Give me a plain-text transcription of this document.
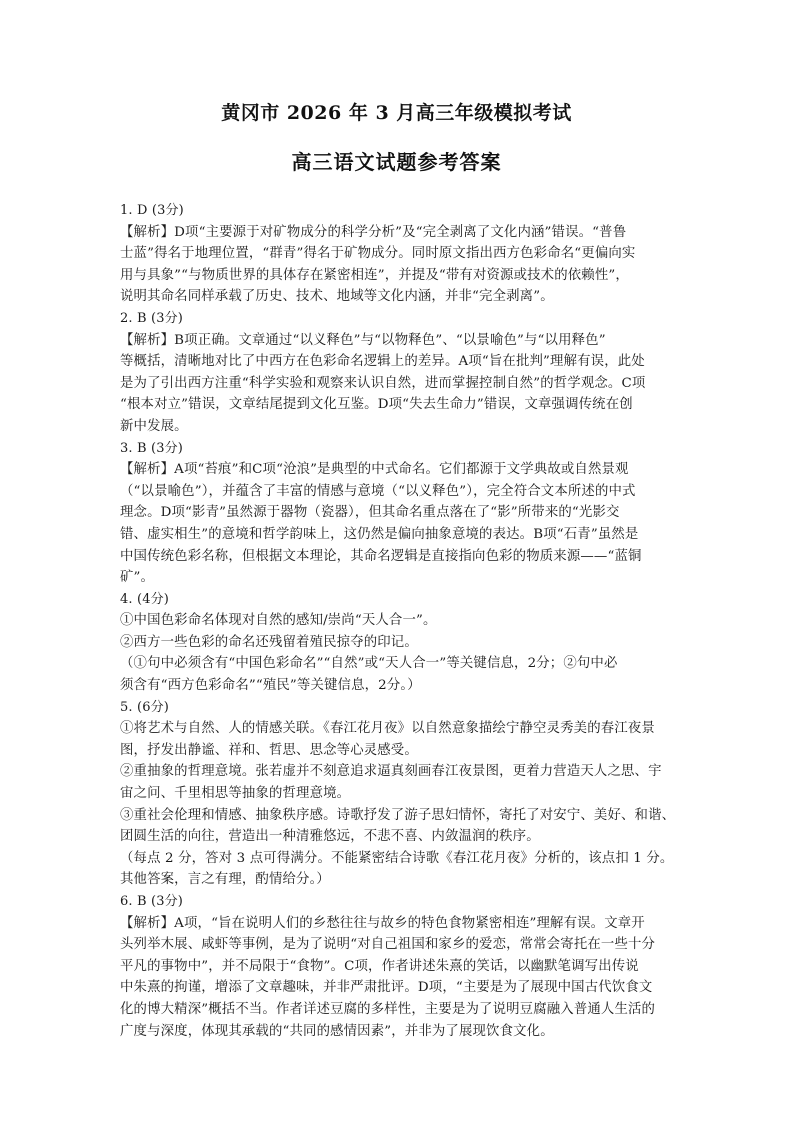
黄冈市 2026 年 3 月高三年级模拟考试
高三语文试题参考答案
1. D (3分)
【解析】D项“主要源于对矿物成分的科学分析”及“完全剥离了文化内涵”错误。“普鲁
士蓝”得名于地理位置，“群青”得名于矿物成分。同时原文指出西方色彩命名“更偏向实
用与具象”“与物质世界的具体存在紧密相连”，并提及“带有对资源或技术的依赖性”，
说明其命名同样承载了历史、技术、地域等文化内涵，并非“完全剥离”。
2. B (3分)
【解析】B项正确。文章通过“以义释色”与“以物释色”、“以景喻色”与“以用释色”
等概括，清晰地对比了中西方在色彩命名逻辑上的差异。A项“旨在批判”理解有误，此处
是为了引出西方注重“科学实验和观察来认识自然，进而掌握控制自然”的哲学观念。C项
“根本对立”错误，文章结尾提到文化互鉴。D项“失去生命力”错误，文章强调传统在创
新中发展。
3. B (3分)
【解析】A项“苔痕”和C项“沧浪”是典型的中式命名。它们都源于文学典故或自然景观
（“以景喻色”），并蕴含了丰富的情感与意境（“以义释色”），完全符合文本所述的中式
理念。D项“影青”虽然源于器物（瓷器），但其命名重点落在了“影”所带来的“光影交
错、虚实相生”的意境和哲学韵味上，这仍然是偏向抽象意境的表达。B项“石青”虽然是
中国传统色彩名称，但根据文本理论，其命名逻辑是直接指向色彩的物质来源——“蓝铜
矿”。
4. (4分)
①中国色彩命名体现对自然的感知/崇尚“天人合一”。
②西方一些色彩的命名还残留着殖民掠夺的印记。
（①句中必须含有“中国色彩命名”“自然”或“天人合一”等关键信息，2分；②句中必
须含有“西方色彩命名”“殖民”等关键信息，2分。）
5. (6分)
①将艺术与自然、人的情感关联。《春江花月夜》以自然意象描绘宁静空灵秀美的春江夜景
图，抒发出静谧、祥和、哲思、思念等心灵感受。
②重抽象的哲理意境。张若虚并不刻意追求逼真刻画春江夜景图，更着力营造天人之思、宇
宙之问、千里相思等抽象的哲理意境。
③重社会伦理和情感、抽象秩序感。诗歌抒发了游子思妇情怀，寄托了对安宁、美好、和谐、
团圆生活的向往，营造出一种清雅悠远，不悲不喜、内敛温润的秩序。
（每点 2 分，答对 3 点可得满分。不能紧密结合诗歌《春江花月夜》分析的，该点扣 1 分。
其他答案，言之有理，酌情给分。）
6. B (3分)
【解析】A项，“旨在说明人们的乡愁往往与故乡的特色食物紧密相连”理解有误。文章开
头列举木展、咸虾等事例，是为了说明“对自己祖国和家乡的爱恋，常常会寄托在一些十分
平凡的事物中”，并不局限于“食物”。C项，作者讲述朱熹的笑话，以幽默笔调写出传说
中朱熹的拘谨，增添了文章趣味，并非严肃批评。D项，“主要是为了展现中国古代饮食文
化的博大精深”概括不当。作者详述豆腐的多样性，主要是为了说明豆腐融入普通人生活的
广度与深度，体现其承载的“共同的感情因素”，并非为了展现饮食文化。
